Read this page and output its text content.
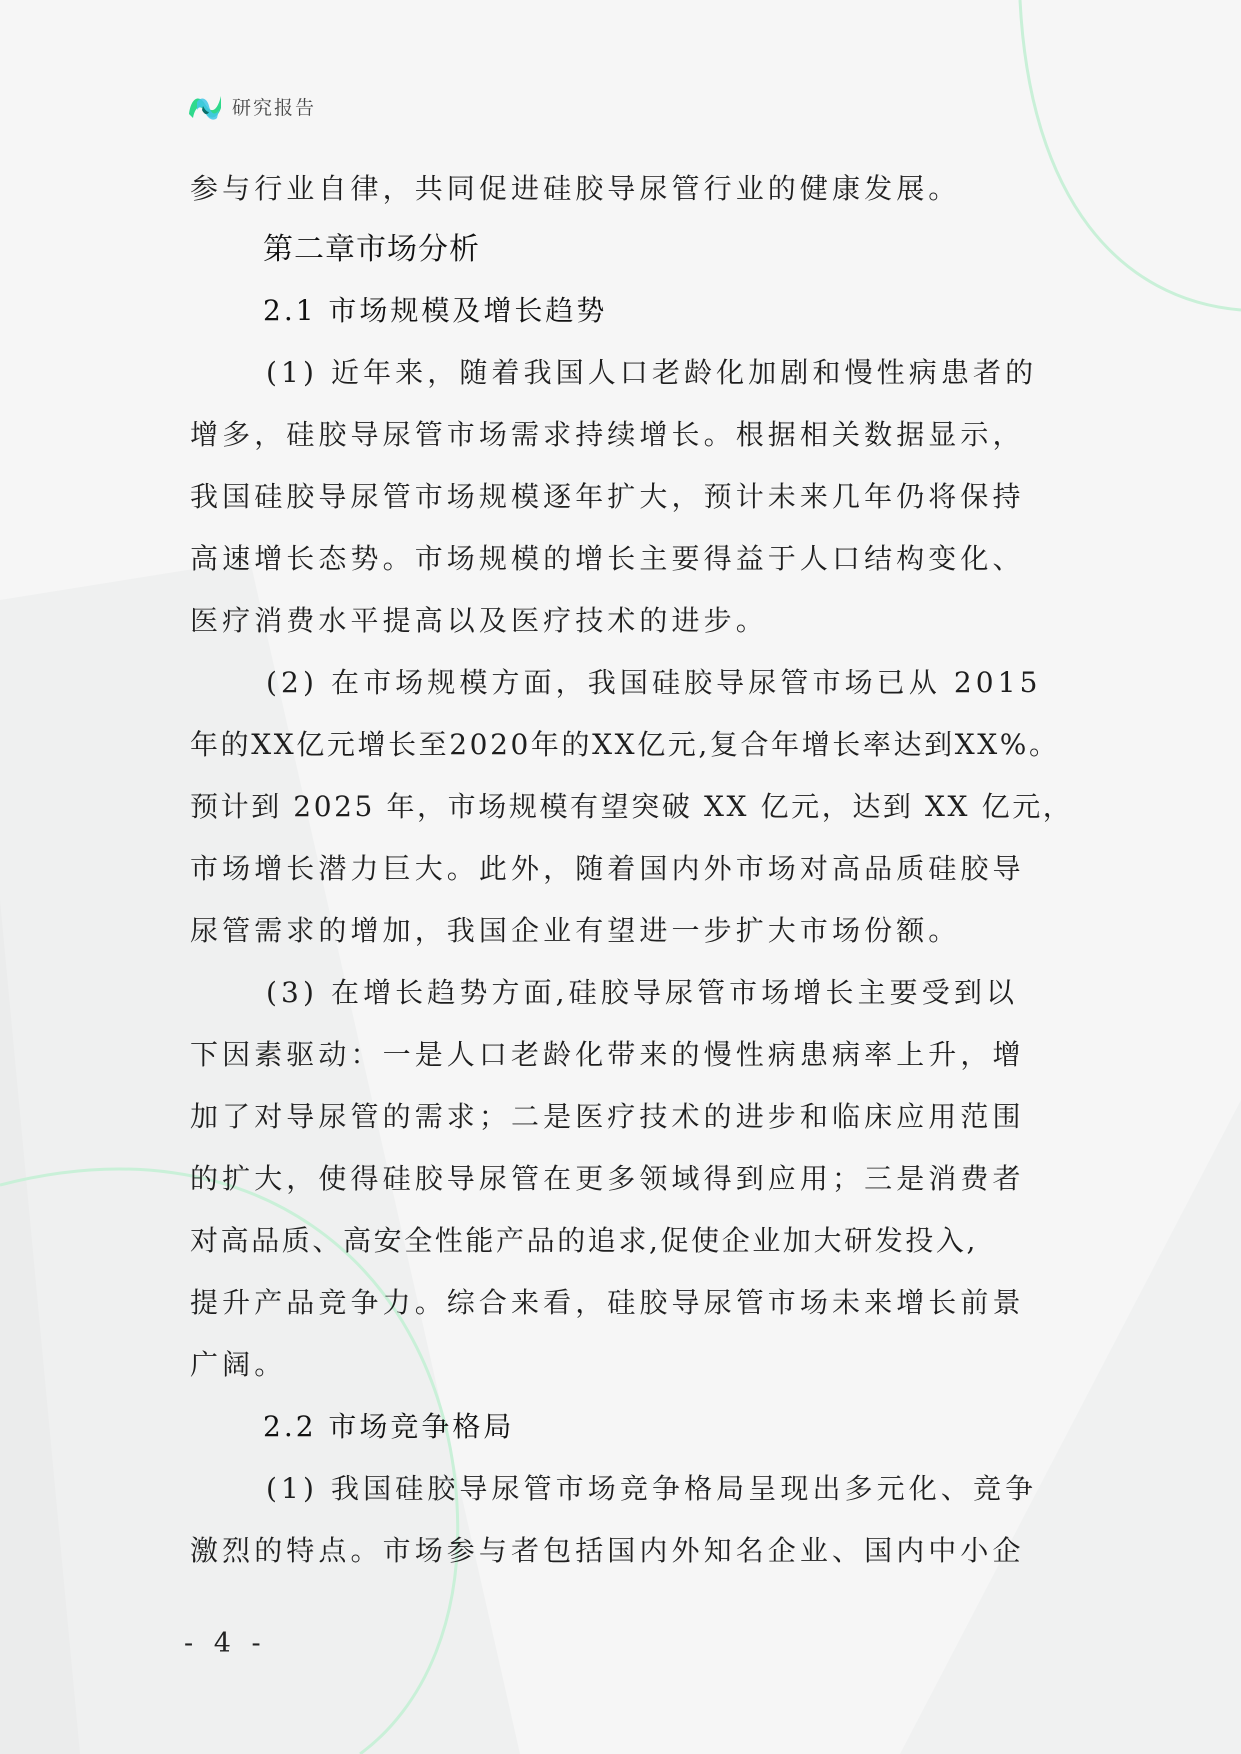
研究报告
参与行业自律，共同促进硅胶导尿管行业的健康发展。
第二章市场分析
2.1 市场规模及增长趋势
(1) 近年来，随着我国人口老龄化加剧和慢性病患者的
增多，硅胶导尿管市场需求持续增长。根据相关数据显示，
我国硅胶导尿管市场规模逐年扩大，预计未来几年仍将保持
高速增长态势。市场规模的增长主要得益于人口结构变化、
医疗消费水平提高以及医疗技术的进步。
(2) 在市场规模方面，我国硅胶导尿管市场已从 2015
年的XX亿元增长至2020年的XX亿元,复合年增长率达到XX%。
预计到 2025 年，市场规模有望突破 XX 亿元，达到 XX 亿元，
市场增长潜力巨大。此外，随着国内外市场对高品质硅胶导
尿管需求的增加，我国企业有望进一步扩大市场份额。
(3) 在增长趋势方面,硅胶导尿管市场增长主要受到以
下因素驱动：一是人口老龄化带来的慢性病患病率上升，增
加了对导尿管的需求；二是医疗技术的进步和临床应用范围
的扩大，使得硅胶导尿管在更多领域得到应用；三是消费者
对高品质、高安全性能产品的追求,促使企业加大研发投入,
提升产品竞争力。综合来看，硅胶导尿管市场未来增长前景
广阔。
2.2 市场竞争格局
(1) 我国硅胶导尿管市场竞争格局呈现出多元化、竞争
激烈的特点。市场参与者包括国内外知名企业、国内中小企
- 4 -
